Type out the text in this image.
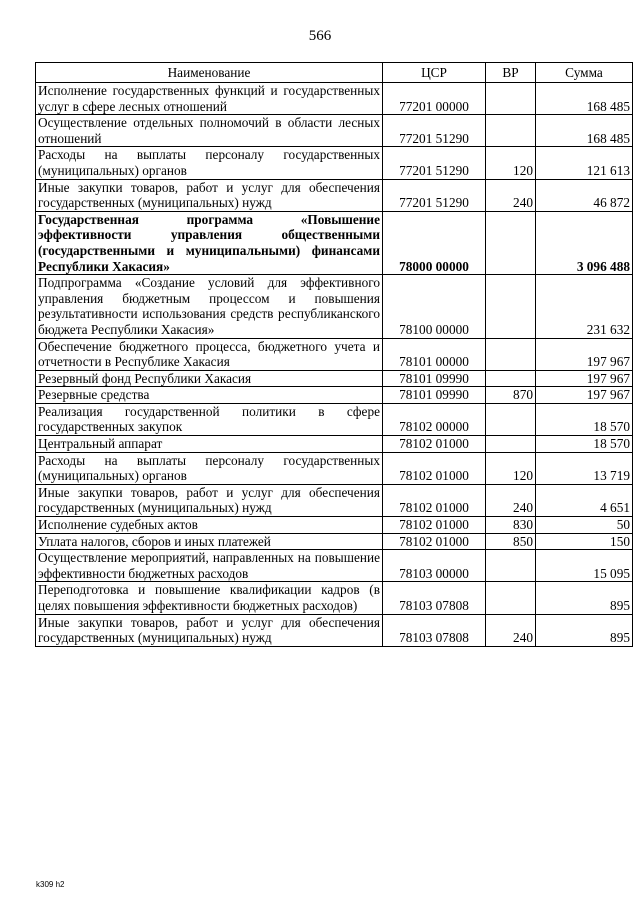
566
Наименование	ЦСР	ВР	Сумма
Исполнение государственных функций и государственных услуг в сфере лесных отношений	77201 00000		168 485
Осуществление отдельных полномочий в области лесных отношений	77201 51290		168 485
Расходы на выплаты персоналу государственных (муниципальных) органов	77201 51290	120	121 613
Иные закупки товаров, работ и услуг для обеспечения государственных (муниципальных) нужд	77201 51290	240	46 872
Государственная программа «Повышение эффективности управления общественными (государственными и муниципальными) финансами Республики Хакасия»	78000 00000		3 096 488
Подпрограмма «Создание условий для эффективного управления бюджетным процессом и повышения результативности использования средств республиканского бюджета Республики Хакасия»	78100 00000		231 632
Обеспечение бюджетного процесса, бюджетного учета и отчетности в Республике Хакасия	78101 00000		197 967
Резервный фонд Республики Хакасия	78101 09990		197 967
Резервные средства	78101 09990	870	197 967
Реализация государственной политики в сфере государственных закупок	78102 00000		18 570
Центральный аппарат	78102 01000		18 570
Расходы на выплаты персоналу государственных (муниципальных) органов	78102 01000	120	13 719
Иные закупки товаров, работ и услуг для обеспечения государственных (муниципальных) нужд	78102 01000	240	4 651
Исполнение судебных актов	78102 01000	830	50
Уплата налогов, сборов и иных платежей	78102 01000	850	150
Осуществление мероприятий, направленных на повышение эффективности бюджетных расходов	78103 00000		15 095
Переподготовка и повышение квалификации кадров (в целях повышения эффективности бюджетных расходов)	78103 07808		895
Иные закупки товаров, работ и услуг для обеспечения государственных (муниципальных) нужд	78103 07808	240	895
k309 h2
